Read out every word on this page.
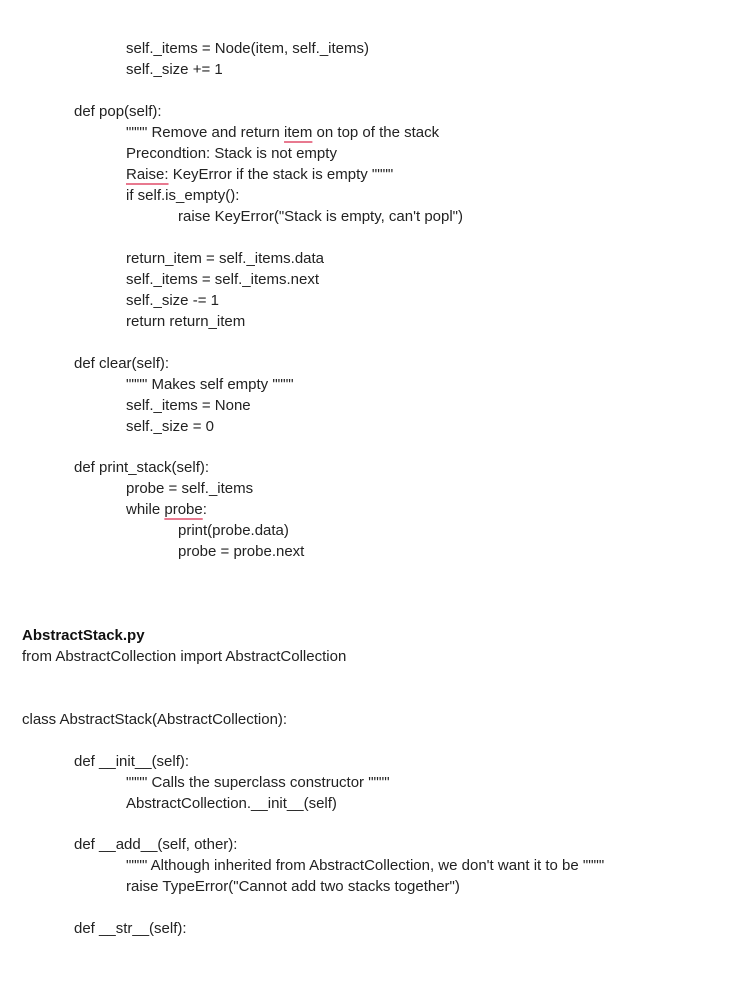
self._items = Node(item, self._items)
self._size += 1
def pop(self):
"""" Remove and return item on top of the stack
Precondtion: Stack is not empty
Raise: KeyError if the stack is empty """"
if self.is_empty():
raise KeyError("Stack is empty, can't popl")
return_item = self._items.data
self._items = self._items.next
self._size -= 1
return return_item
def clear(self):
"""" Makes self empty """"
self._items = None
self._size = 0
def print_stack(self):
probe = self._items
while probe:
print(probe.data)
probe = probe.next
AbstractStack.py
from AbstractCollection import AbstractCollection
class AbstractStack(AbstractCollection):
def __init__(self):
"""" Calls the superclass constructor """"
AbstractCollection.__init__(self)
def __add__(self, other):
"""" Although inherited from AbstractCollection, we don't want it to be """"
raise TypeError("Cannot add two stacks together")
def __str__(self):
